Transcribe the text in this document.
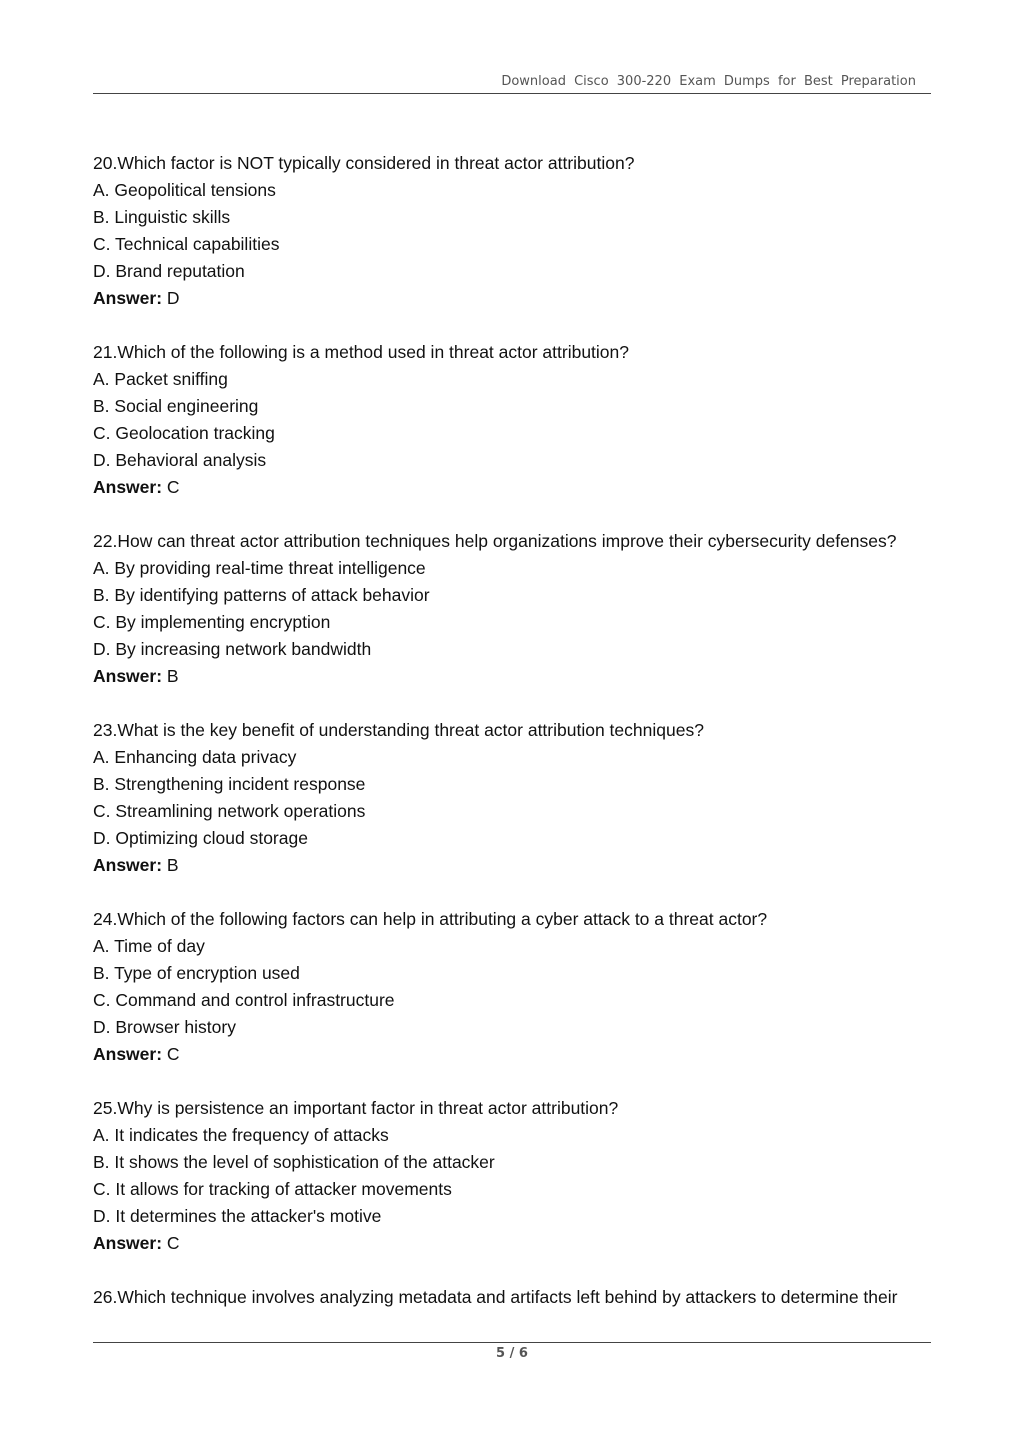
Download Cisco 300-220 Exam Dumps for Best Preparation
20.Which factor is NOT typically considered in threat actor attribution?
A. Geopolitical tensions
B. Linguistic skills
C. Technical capabilities
D. Brand reputation
Answer: D
21.Which of the following is a method used in threat actor attribution?
A. Packet sniffing
B. Social engineering
C. Geolocation tracking
D. Behavioral analysis
Answer: C
22.How can threat actor attribution techniques help organizations improve their cybersecurity defenses?
A. By providing real-time threat intelligence
B. By identifying patterns of attack behavior
C. By implementing encryption
D. By increasing network bandwidth
Answer: B
23.What is the key benefit of understanding threat actor attribution techniques?
A. Enhancing data privacy
B. Strengthening incident response
C. Streamlining network operations
D. Optimizing cloud storage
Answer: B
24.Which of the following factors can help in attributing a cyber attack to a threat actor?
A. Time of day
B. Type of encryption used
C. Command and control infrastructure
D. Browser history
Answer: C
25.Why is persistence an important factor in threat actor attribution?
A. It indicates the frequency of attacks
B. It shows the level of sophistication of the attacker
C. It allows for tracking of attacker movements
D. It determines the attacker's motive
Answer: C
26.Which technique involves analyzing metadata and artifacts left behind by attackers to determine their
5 / 6
